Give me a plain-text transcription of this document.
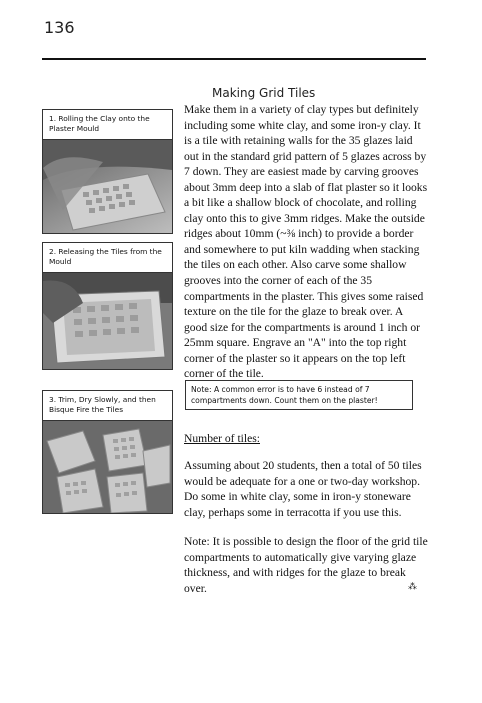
136
Making Grid Tiles

Make them in a variety of clay types but definitely including some white clay, and some iron-y clay. It is a tile with retaining walls for the 35 glazes laid out in the standard grid pattern of 5 glazes across by 7 down. They are easiest made by carving grooves about 3mm deep into a slab of flat plaster so it looks a bit like a shallow block of chocolate, and rolling clay onto this to give 3mm ridges. Make the outside ridges about 10mm (~⅜ inch) to provide a border and somewhere to put kiln wadding when stacking the tiles on each other. Also carve some shallow grooves into the corner of each of the 35 compartments in the plaster. This gives some raised texture on the tile for the glaze to break over. A good size for the compartments is around 1 inch or 25mm square. Engrave an "A" into the top right corner of the plaster so it appears on the top left corner of the tile.

Note: A common error is to have 6 instead of 7 compartments down. Count them on the plaster!

Number of tiles:

Assuming about 20 students, then a total of 50 tiles would be adequate for a one or two-day workshop. Do some in white clay, some in iron-y stoneware clay, perhaps some in terracotta if you use this.

Note: It is possible to design the floor of the grid tile compartments to automatically give varying glaze thickness, and with ridges for the glaze to break over.	⁂
1. Rolling the Clay onto the Plaster Mould
2. Releasing the Tiles from the Mould
3. Trim, Dry Slowly, and then Bisque Fire the Tiles
